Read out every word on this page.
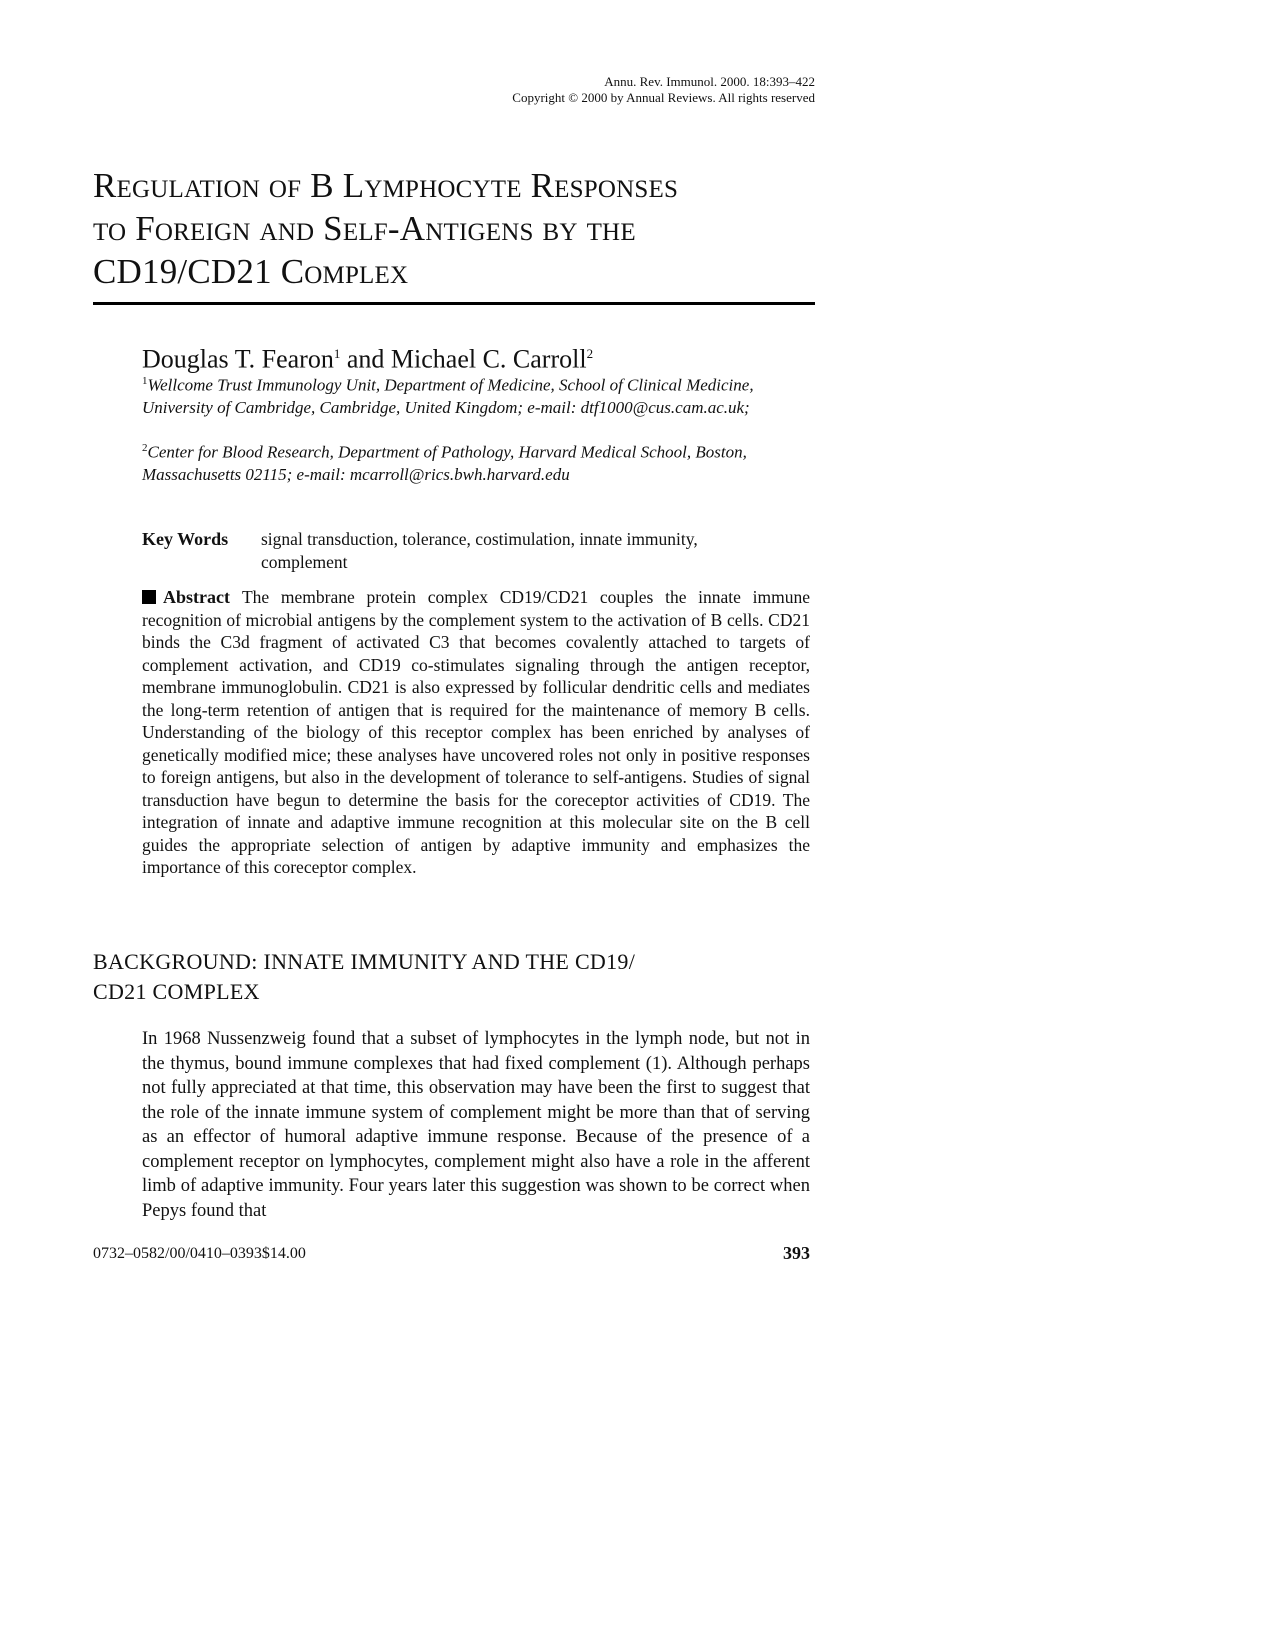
Annu. Rev. Immunol. 2000. 18:393–422
Copyright © 2000 by Annual Reviews. All rights reserved
Regulation of B Lymphocyte Responses
to Foreign and Self-Antigens by the
CD19/CD21 Complex
Douglas T. Fearon$^1$ and Michael C. Carroll$^2$
$^1$Wellcome Trust Immunology Unit, Department of Medicine, School of Clinical Medicine, University of Cambridge, Cambridge, United Kingdom; e-mail: dtf1000@cus.cam.ac.uk;
$^2$Center for Blood Research, Department of Pathology, Harvard Medical School, Boston, Massachusetts 02115; e-mail: mcarroll@rics.bwh.harvard.edu
Key Words	signal transduction, tolerance, costimulation, innate immunity, complement

Abstract The membrane protein complex CD19/CD21 couples the innate immune recognition of microbial antigens by the complement system to the activation of B cells. CD21 binds the C3d fragment of activated C3 that becomes covalently attached to targets of complement activation, and CD19 co-stimulates signaling through the antigen receptor, membrane immunoglobulin. CD21 is also expressed by follicular dendritic cells and mediates the long-term retention of antigen that is required for the maintenance of memory B cells. Understanding of the biology of this receptor complex has been enriched by analyses of genetically modified mice; these analyses have uncovered roles not only in positive responses to foreign antigens, but also in the development of tolerance to self-antigens. Studies of signal transduction have begun to determine the basis for the coreceptor activities of CD19. The integration of innate and adaptive immune recognition at this molecular site on the B cell guides the appropriate selection of antigen by adaptive immunity and emphasizes the importance of this coreceptor complex.

BACKGROUND: INNATE IMMUNITY AND THE CD19/
CD21 COMPLEX

In 1968 Nussenzweig found that a subset of lymphocytes in the lymph node, but not in the thymus, bound immune complexes that had fixed complement (1). Although perhaps not fully appreciated at that time, this observation may have been the first to suggest that the role of the innate immune system of complement might be more than that of serving as an effector of humoral adaptive immune response. Because of the presence of a complement receptor on lymphocytes, complement might also have a role in the afferent limb of adaptive immunity. Four years later this suggestion was shown to be correct when Pepys found that

0732–0582/00/0410–0393$14.00	393
